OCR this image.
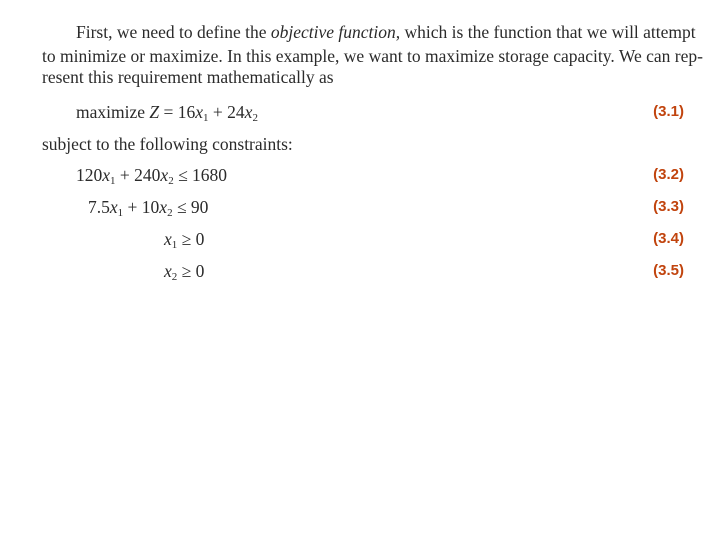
First, we need to define the objective function, which is the function that we will attempt
to minimize or maximize. In this example, we want to maximize storage capacity. We can rep-
resent this requirement mathematically as
maximize $Z = 16x_1 + 24x_2$	(3.1)
subject to the following constraints:
$120x_1 + 240x_2 \le 1680$	(3.2)
$7.5x_1 + 10x_2 \le 90$	(3.3)
$x_1 \ge 0$	(3.4)
$x_2 \ge 0$	(3.5)
